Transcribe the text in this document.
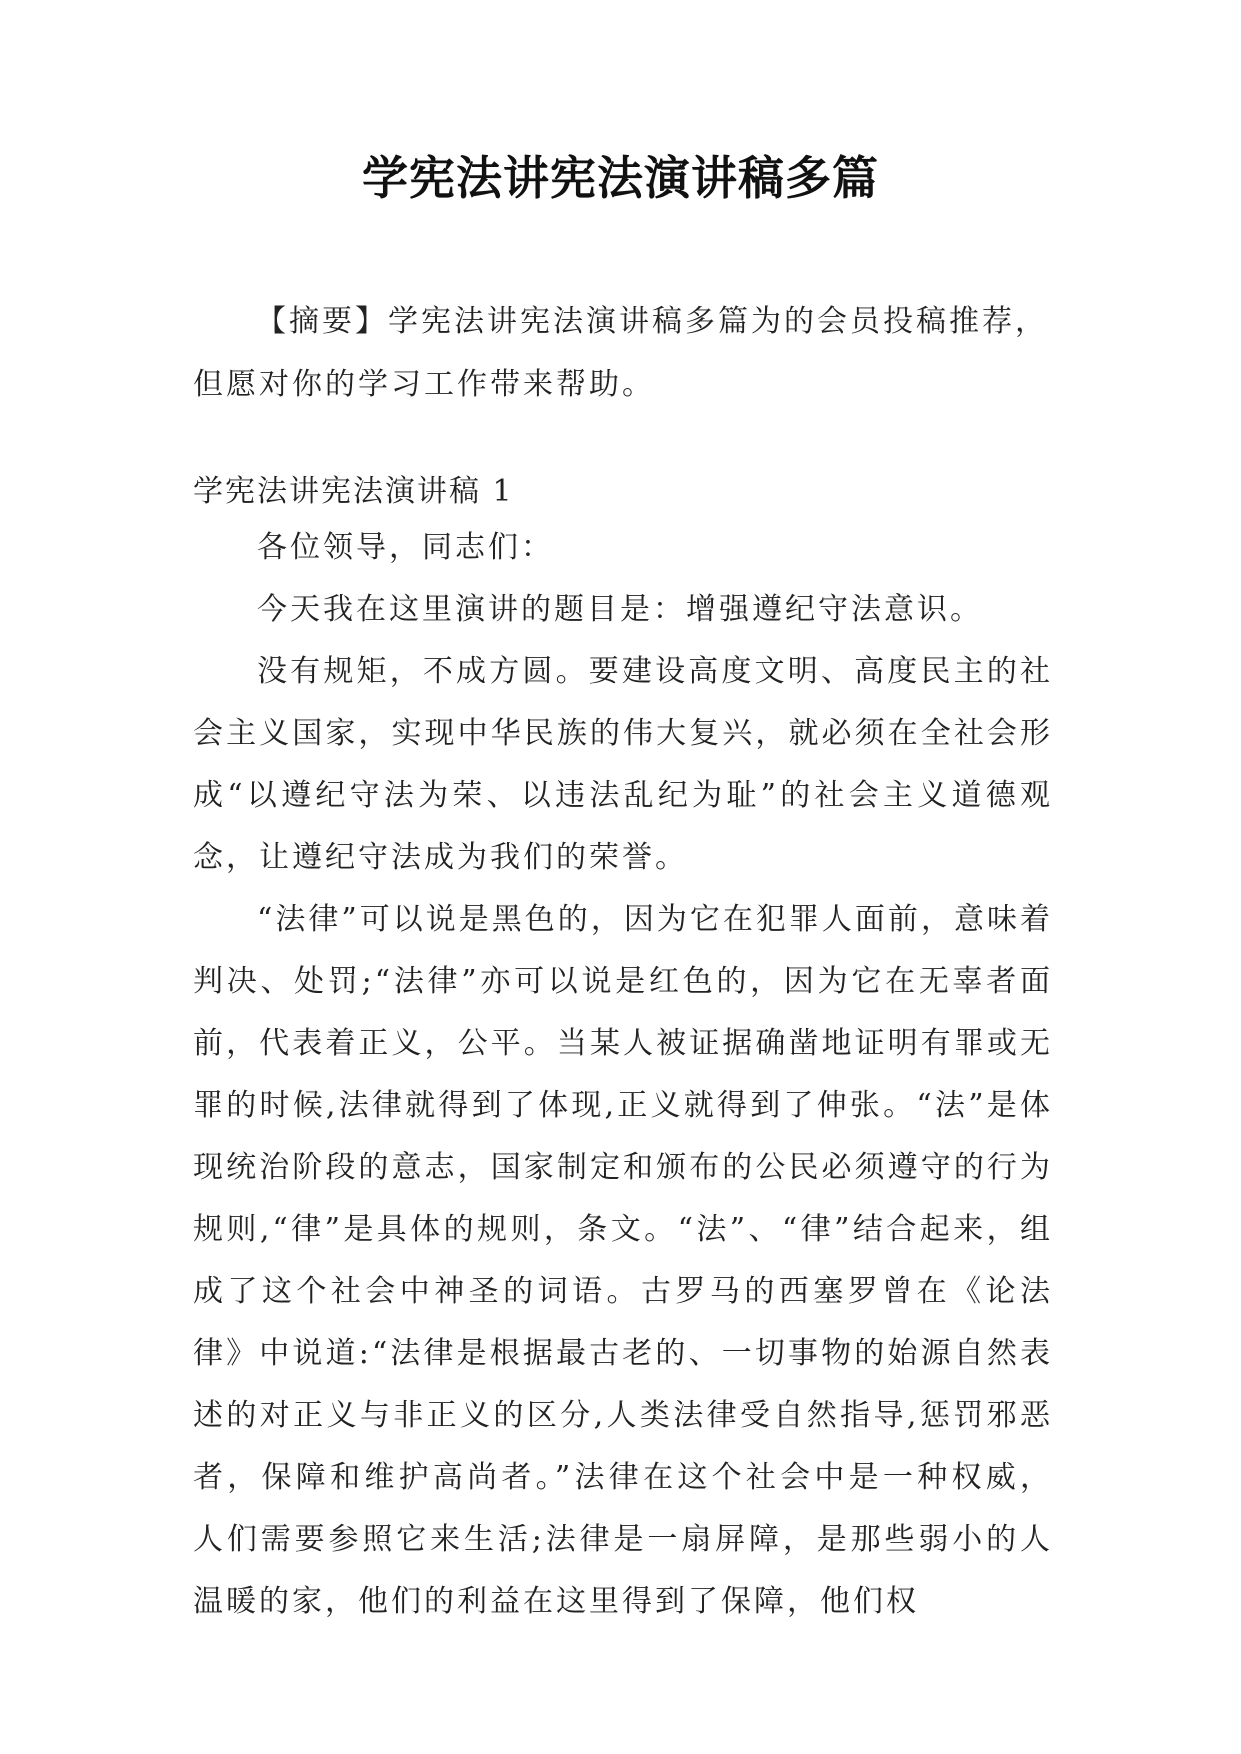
学宪法讲宪法演讲稿多篇

【摘要】学宪法讲宪法演讲稿多篇为的会员投稿推荐，但愿对你的学习工作带来帮助。

学宪法讲宪法演讲稿 1

各位领导，同志们：

今天我在这里演讲的题目是：增强遵纪守法意识。

没有规矩，不成方圆。要建设高度文明、高度民主的社会主义国家，实现中华民族的伟大复兴，就必须在全社会形成“以遵纪守法为荣、以违法乱纪为耻”的社会主义道德观念，让遵纪守法成为我们的荣誉。

“法律”可以说是黑色的，因为它在犯罪人面前，意味着判决、处罚;“法律”亦可以说是红色的，因为它在无辜者面前，代表着正义，公平。当某人被证据确凿地证明有罪或无罪的时候,法律就得到了体现,正义就得到了伸张。“法”是体现统治阶段的意志，国家制定和颁布的公民必须遵守的行为规则,“律”是具体的规则，条文。“法”、“律”结合起来，组成了这个社会中神圣的词语。古罗马的西塞罗曾在《论法律》中说道:“法律是根据最古老的、一切事物的始源自然表述的对正义与非正义的区分,人类法律受自然指导,惩罚邪恶者，保障和维护高尚者。”法律在这个社会中是一种权威，人们需要参照它来生活;法律是一扇屏障，是那些弱小的人温暖的家，他们的利益在这里得到了保障，他们权
